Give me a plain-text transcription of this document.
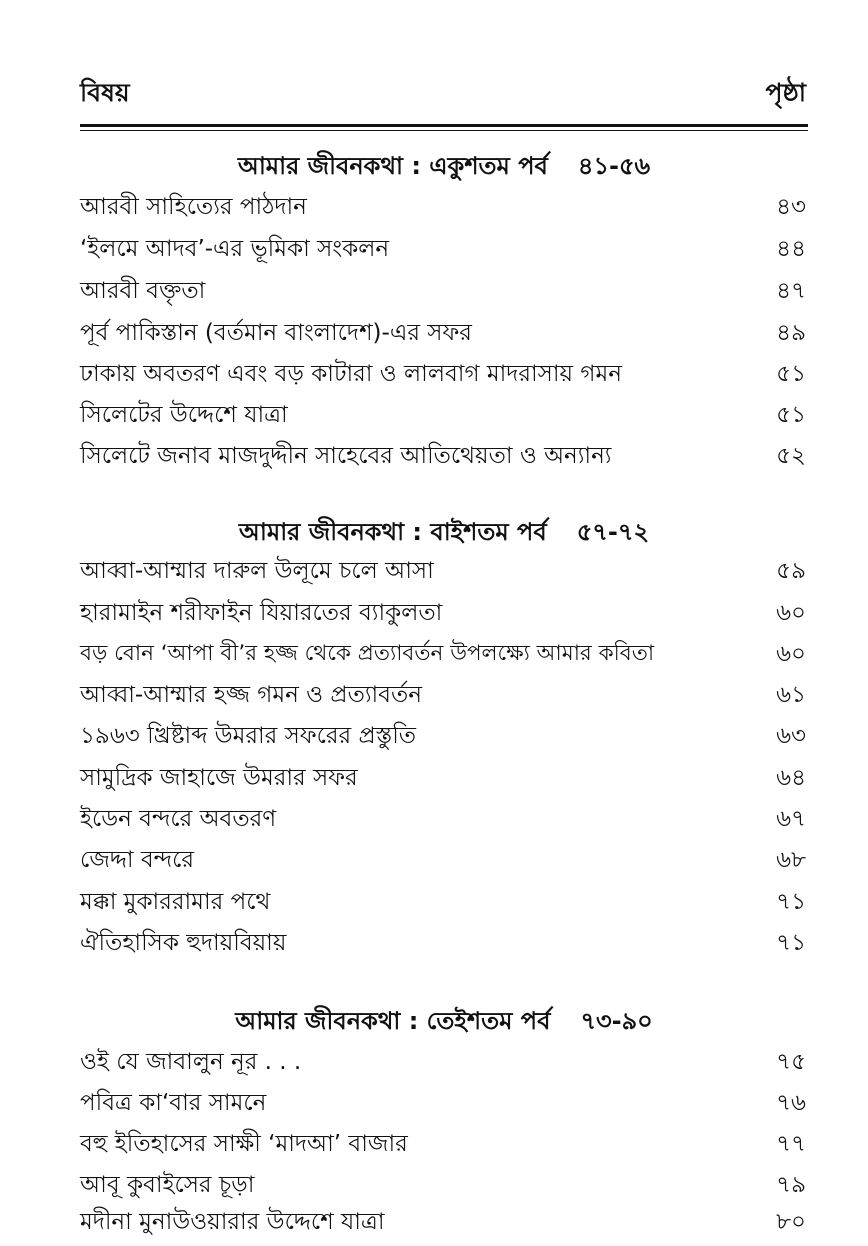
বিষয়	পৃষ্ঠা
আমার জীবনকথা : একুশতম পর্ব ৪১-৫৬
আরবী সাহিত্যের পাঠদান	৪৩
‘ইলমে আদব’-এর ভূমিকা সংকলন	৪৪
আরবী বক্তৃতা	৪৭
পূর্ব পাকিস্তান (বর্তমান বাংলাদেশ)-এর সফর	৪৯
ঢাকায় অবতরণ এবং বড় কাটারা ও লালবাগ মাদরাসায় গমন	৫১
সিলেটের উদ্দেশে যাত্রা	৫১
সিলেটে জনাব মাজদুদ্দীন সাহেবের আতিথেয়তা ও অন্যান্য	৫২
আমার জীবনকথা : বাইশতম পর্ব ৫৭-৭২
আব্বা-আম্মার দারুল উলূমে চলে আসা	৫৯
হারামাইন শরীফাইন যিয়ারতের ব্যাকুলতা	৬০
বড় বোন ‘আপা বী’র হজ্জ থেকে প্রত্যাবর্তন উপলক্ষ্যে আমার কবিতা	৬০
আব্বা-আম্মার হজ্জ গমন ও প্রত্যাবর্তন	৬১
১৯৬৩ খ্রিষ্টাব্দ উমরার সফরের প্রস্তুতি	৬৩
সামুদ্রিক জাহাজে উমরার সফর	৬৪
ইডেন বন্দরে অবতরণ	৬৭
জেদ্দা বন্দরে	৬৮
মক্কা মুকাররামার পথে	৭১
ঐতিহাসিক হুদায়বিয়ায়	৭১
আমার জীবনকথা : তেইশতম পর্ব ৭৩-৯০
ওই যে জাবালুন নূর . . .	৭৫
পবিত্র কা‘বার সামনে	৭৬
বহু ইতিহাসের সাক্ষী ‘মাদআ’ বাজার	৭৭
আবূ কুবাইসের চূড়া	৭৯
মদীনা মুনাউওয়ারার উদ্দেশে যাত্রা	৮০
